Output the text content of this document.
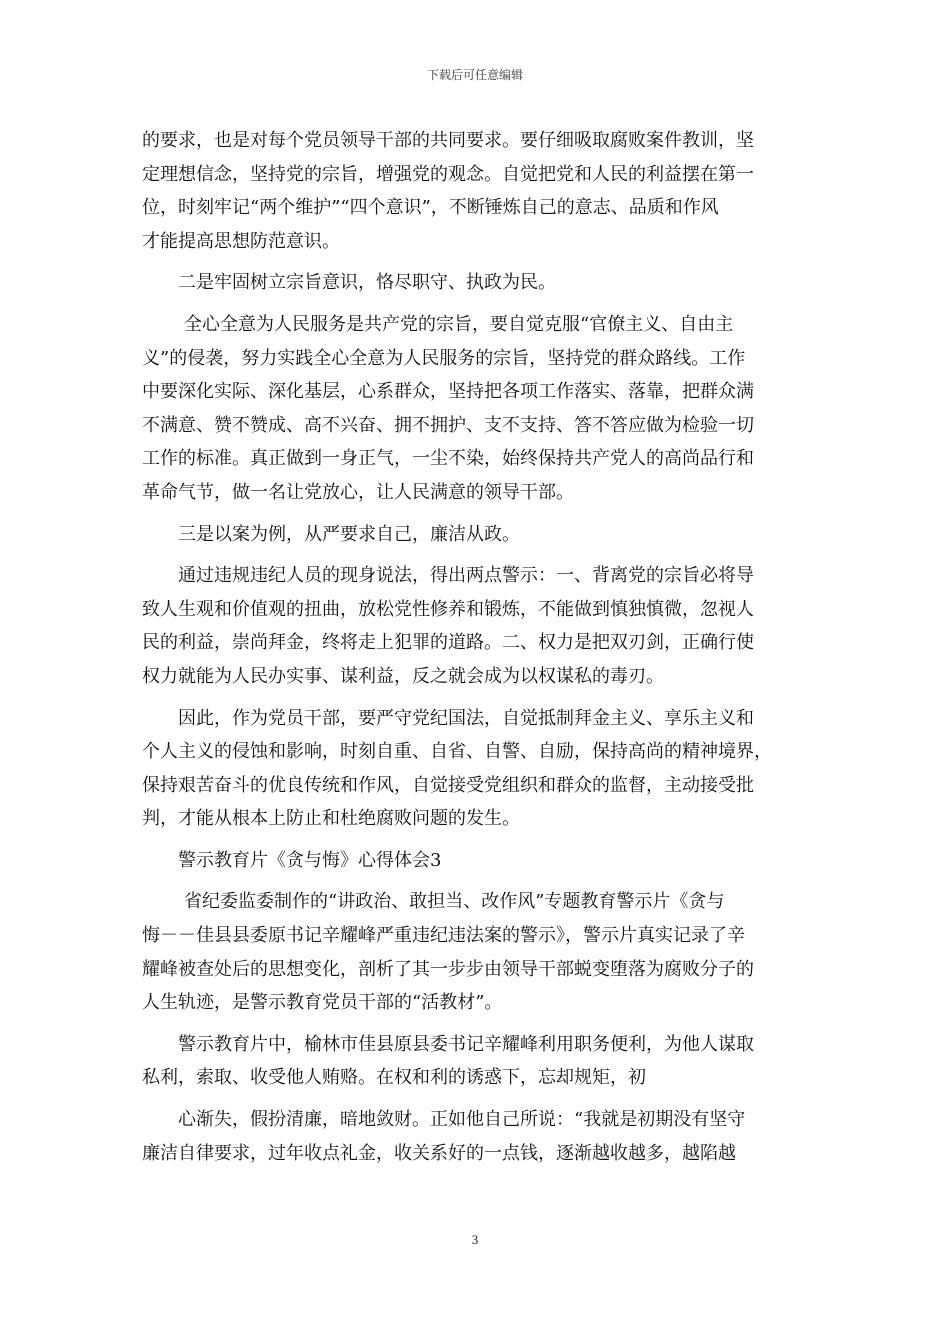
下载后可任意编辑
的要求，也是对每个党员领导干部的共同要求。要仔细吸取腐败案件教训，坚
定理想信念，坚持党的宗旨，增强党的观念。自觉把党和人民的利益摆在第一
位，时刻牢记“两个维护”“四个意识”，不断锤炼自己的意志、品质和作风
才能提高思想防范意识。
二是牢固树立宗旨意识，恪尽职守、执政为民。
全心全意为人民服务是共产党的宗旨，要自觉克服“官僚主义、自由主
义”的侵袭，努力实践全心全意为人民服务的宗旨，坚持党的群众路线。工作
中要深化实际、深化基层，心系群众，坚持把各项工作落实、落靠，把群众满
不满意、赞不赞成、高不兴奋、拥不拥护、支不支持、答不答应做为检验一切
工作的标准。真正做到一身正气，一尘不染，始终保持共产党人的高尚品行和
革命气节，做一名让党放心，让人民满意的领导干部。
三是以案为例，从严要求自己，廉洁从政。
通过违规违纪人员的现身说法，得出两点警示：一、背离党的宗旨必将导
致人生观和价值观的扭曲，放松党性修养和锻炼，不能做到慎独慎微，忽视人
民的利益，崇尚拜金，终将走上犯罪的道路。二、权力是把双刃剑，正确行使
权力就能为人民办实事、谋利益，反之就会成为以权谋私的毒刃。
因此，作为党员干部，要严守党纪国法，自觉抵制拜金主义、享乐主义和
个人主义的侵蚀和影响，时刻自重、自省、自警、自励，保持高尚的精神境界，
保持艰苦奋斗的优良传统和作风，自觉接受党组织和群众的监督，主动接受批
判，才能从根本上防止和杜绝腐败问题的发生。
警示教育片《贪与悔》心得体会3
省纪委监委制作的“讲政治、敢担当、改作风”专题教育警示片《贪与
悔－－佳县县委原书记辛耀峰严重违纪违法案的警示》，警示片真实记录了辛
耀峰被查处后的思想变化，剖析了其一步步由领导干部蜕变堕落为腐败分子的
人生轨迹，是警示教育党员干部的“活教材”。
警示教育片中，榆林市佳县原县委书记辛耀峰利用职务便利，为他人谋取
私利，索取、收受他人贿赂。在权和利的诱惑下，忘却规矩，初
心渐失，假扮清廉，暗地敛财。正如他自己所说：“我就是初期没有坚守
廉洁自律要求，过年收点礼金，收关系好的一点钱，逐渐越收越多，越陷越
3
